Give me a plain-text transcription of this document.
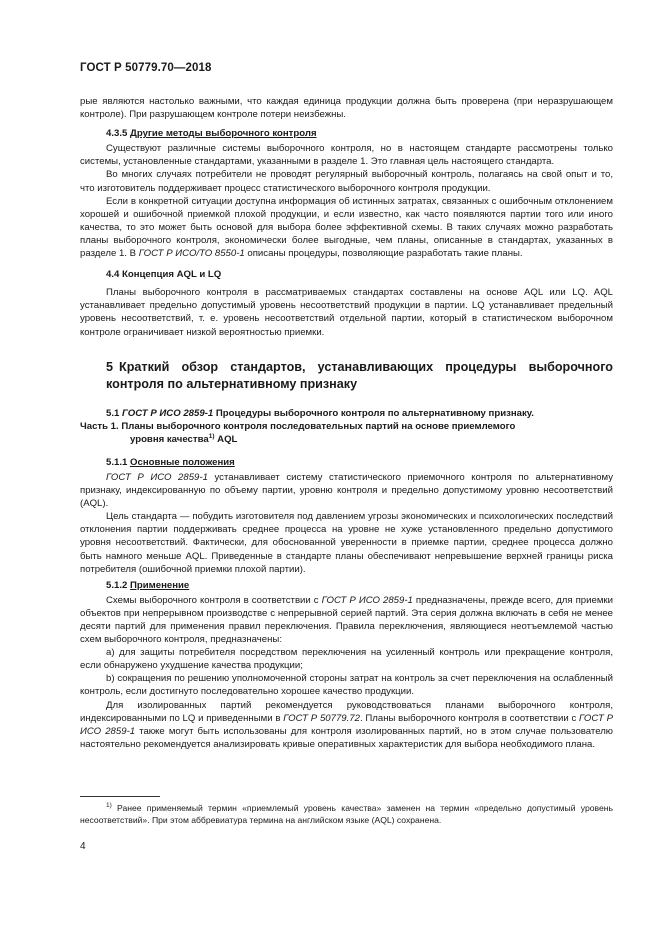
ГОСТ Р 50779.70—2018

рые являются настолько важными, что каждая единица продукции должна быть проверена (при неразрушающем контроле). При разрушающем контроле потери неизбежны.

4.3.5 Другие методы выборочного контроля

Существуют различные системы выборочного контроля, но в настоящем стандарте рассмотрены только системы, установленные стандартами, указанными в разделе 1. Это главная цель настоящего стандарта.

Во многих случаях потребители не проводят регулярный выборочный контроль, полагаясь на свой опыт и то, что изготовитель поддерживает процесс статистического выборочного контроля продукции.

Если в конкретной ситуации доступна информация об истинных затратах, связанных с ошибочным отклонением хорошей и ошибочной приемкой плохой продукции, и если известно, как часто появляются партии того или иного качества, то это может быть основой для выбора более эффективной схемы. В таких случаях можно разработать планы выборочного контроля, экономически более выгодные, чем планы, описанные в стандартах, указанных в разделе 1. В ГОСТ Р ИСО/ТО 8550-1 описаны процедуры, позволяющие разработать такие планы.

4.4 Концепция AQL и LQ

Планы выборочного контроля в рассматриваемых стандартах составлены на основе AQL или LQ. AQL устанавливает предельно допустимый уровень несоответствий продукции в партии. LQ устанавливает предельный уровень несоответствий, т. е. уровень несоответствий отдельной партии, который в статистическом выборочном контроле ограничивает низкой вероятностью приемки.

5 Краткий обзор стандартов, устанавливающих процедуры выборочного контроля по альтернативному признаку

5.1 ГОСТ Р ИСО 2859-1 Процедуры выборочного контроля по альтернативному признаку.
Часть 1. Планы выборочного контроля последовательных партий на основе приемлемого
уровня качества$^{1)}$ AQL

5.1.1 Основные положения

ГОСТ Р ИСО 2859-1 устанавливает систему статистического приемочного контроля по альтернативному признаку, индексированную по объему партии, уровню контроля и предельно допустимому уровню несоответствий (AQL).

Цель стандарта — побудить изготовителя под давлением угрозы экономических и психологических последствий отклонения партии поддерживать среднее процесса на уровне не хуже установленного предельно допустимого уровня несоответствий. Фактически, для обоснованной уверенности в приемке партии, среднее процесса должно быть намного меньше AQL. Приведенные в стандарте планы обеспечивают непревышение верхней границы риска потребителя (ошибочной приемки плохой партии).

5.1.2 Применение

Схемы выборочного контроля в соответствии с ГОСТ Р ИСО 2859-1 предназначены, прежде всего, для приемки объектов при непрерывном производстве с непрерывной серией партий. Эта серия должна включать в себя не менее десяти партий для применения правил переключения. Правила переключения, являющиеся неотъемлемой частью схем выборочного контроля, предназначены:

a) для защиты потребителя посредством переключения на усиленный контроль или прекращение контроля, если обнаружено ухудшение качества продукции;

b) сокращения по решению уполномоченной стороны затрат на контроль за счет переключения на ослабленный контроль, если достигнуто последовательно хорошее качество продукции.

Для изолированных партий рекомендуется руководствоваться планами выборочного контроля, индексированными по LQ и приведенными в ГОСТ Р 50779.72. Планы выборочного контроля в соответствии с ГОСТ Р ИСО 2859-1 также могут быть использованы для контроля изолированных партий, но в этом случае пользователю настоятельно рекомендуется анализировать кривые оперативных характеристик для выбора необходимого плана.

$^{1)}$ Ранее применяемый термин «приемлемый уровень качества» заменен на термин «предельно допустимый уровень несоответствий». При этом аббревиатура термина на английском языке (AQL) сохранена.

4
